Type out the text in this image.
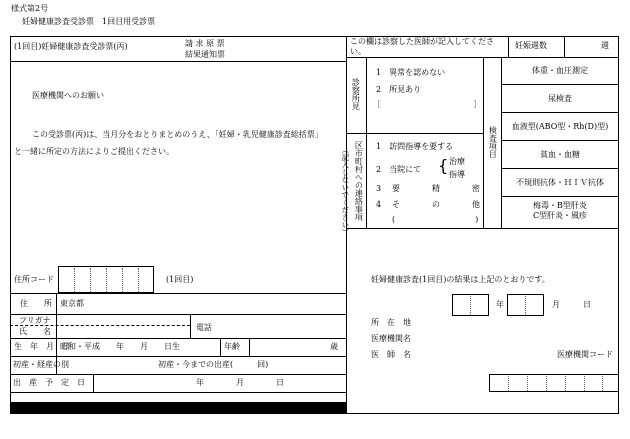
様式第2号
妊婦健康診査受診票　1回目用受診票
(1回目)妊婦健康診査受診票(丙)	請 求 原 票
結果通知票
医療機関へのお願い
この受診票(丙)は、当月分をおとりまとめのうえ、「妊婦・乳児健康診査総括票」
と一緒に所定の方法によりご提出ください。
住所コード	(1回目)
住　　所 東京都
フリガナ
氏　　名	電話
生　年　月　日
昭和・平成　　年　　月　　日生	年齢	歳
初産・経産の別	初産・今までの出産(　　　回)
出　産　予　定　日	年　　　　月　　　　日
この欄は診察した医師が記入してくださ
い。
妊娠週数	週
診察所見
1　異常を認めない
2　所見あり
［	］
区市町村への連絡事項
（記入しないでください）	1　訪問指導を要する
2　当院にて { 治療
指導
3 要　　　　精　　　　密
4 そ　　　　の　　　　他
(　　　　　　　　　　)
検査項目
体重・血圧測定
尿検査
血液型(ABO型・Rh(D)型)
貧血・血糖
不規則抗体・ＨＩＶ抗体
梅毒・B型肝炎
C型肝炎・風疹
妊婦健康診査(1回目)の結果は上記のとおりです。
年	月	日
所　在　地
医療機関名
医　師　名	医療機関コード
